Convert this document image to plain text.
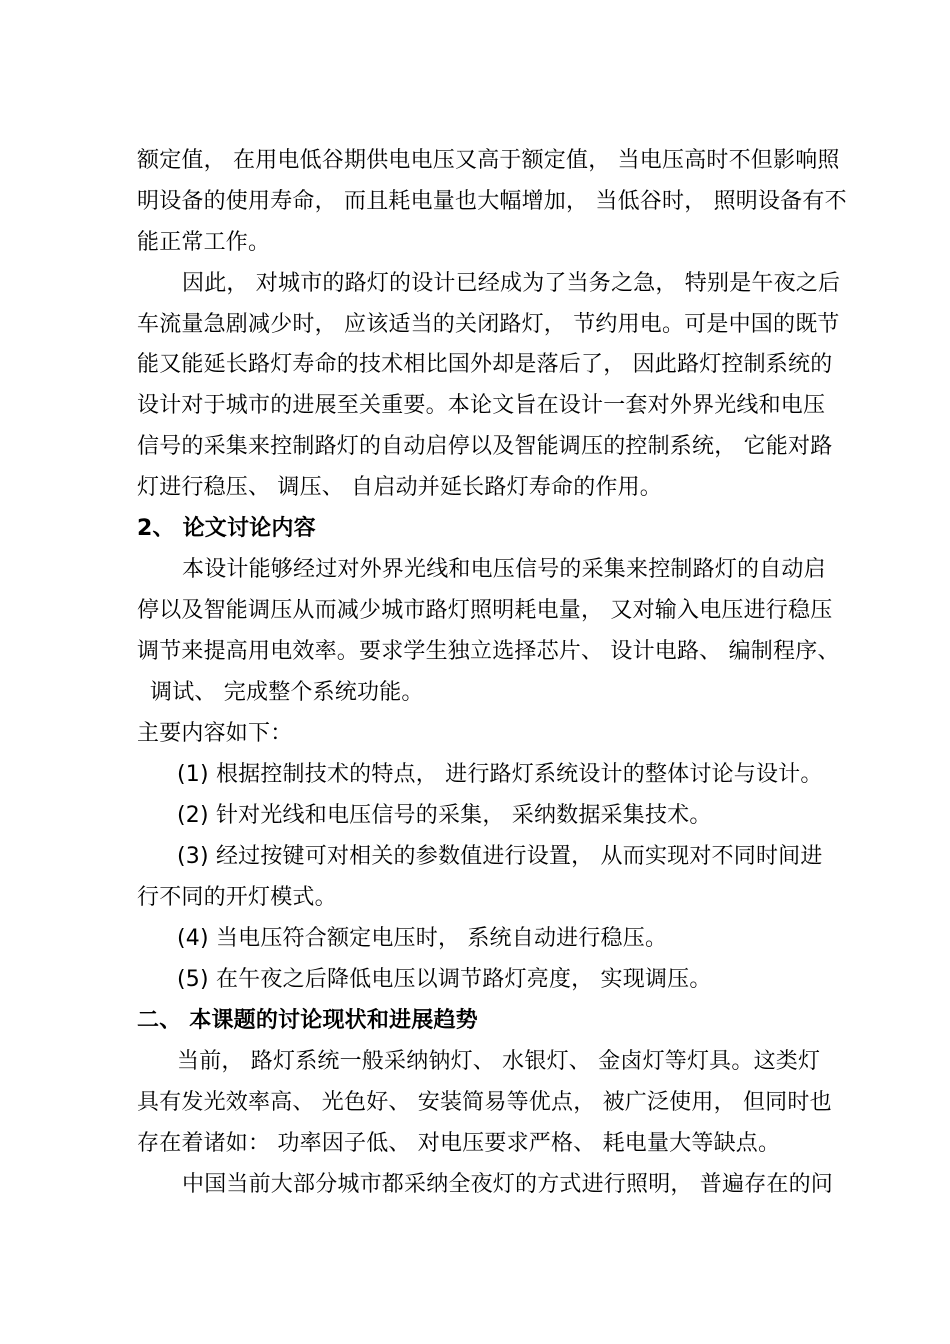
额定值， 在用电低谷期供电电压又高于额定值， 当电压高时不但影响照
明设备的使用寿命， 而且耗电量也大幅增加， 当低谷时， 照明设备有不
能正常工作。
因此， 对城市的路灯的设计已经成为了当务之急， 特别是午夜之后
车流量急剧减少时， 应该适当的关闭路灯， 节约用电。可是中国的既节
能又能延长路灯寿命的技术相比国外却是落后了， 因此路灯控制系统的
设计对于城市的进展至关重要。本论文旨在设计一套对外界光线和电压
信号的采集来控制路灯的自动启停以及智能调压的控制系统， 它能对路
灯进行稳压、 调压、 自启动并延长路灯寿命的作用。
2、 论文讨论内容
本设计能够经过对外界光线和电压信号的采集来控制路灯的自动启
停以及智能调压从而减少城市路灯照明耗电量， 又对输入电压进行稳压
调节来提高用电效率。要求学生独立选择芯片、 设计电路、 编制程序、
调试、 完成整个系统功能。
主要内容如下：
(1) 根据控制技术的特点， 进行路灯系统设计的整体讨论与设计。
(2) 针对光线和电压信号的采集， 采纳数据采集技术。
(3) 经过按键可对相关的参数值进行设置， 从而实现对不同时间进
行不同的开灯模式。
(4) 当电压符合额定电压时， 系统自动进行稳压。
(5) 在午夜之后降低电压以调节路灯亮度， 实现调压。
二、 本课题的讨论现状和进展趋势
当前， 路灯系统一般采纳钠灯、 水银灯、 金卤灯等灯具。这类灯
具有发光效率高、 光色好、 安装简易等优点， 被广泛使用， 但同时也
存在着诸如： 功率因子低、 对电压要求严格、 耗电量大等缺点。
中国当前大部分城市都采纳全夜灯的方式进行照明， 普遍存在的问
